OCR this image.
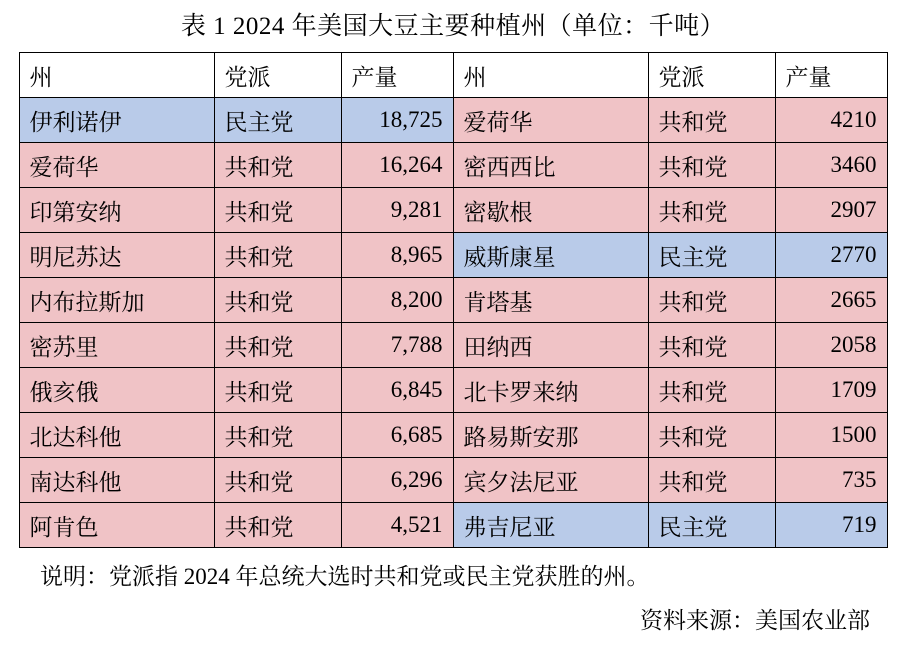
表 1 2024 年美国大豆主要种植州（单位：千吨）
州	党派	产量	州	党派	产量
伊利诺伊	民主党	18,725	爱荷华	共和党	4210
爱荷华	共和党	16,264	密西西比	共和党	3460
印第安纳	共和党	9,281	密歇根	共和党	2907
明尼苏达	共和党	8,965	威斯康星	民主党	2770
内布拉斯加	共和党	8,200	肯塔基	共和党	2665
密苏里	共和党	7,788	田纳西	共和党	2058
俄亥俄	共和党	6,845	北卡罗来纳	共和党	1709
北达科他	共和党	6,685	路易斯安那	共和党	1500
南达科他	共和党	6,296	宾夕法尼亚	共和党	735
阿肯色	共和党	4,521	弗吉尼亚	民主党	719
说明：党派指 2024 年总统大选时共和党或民主党获胜的州。
资料来源：美国农业部
